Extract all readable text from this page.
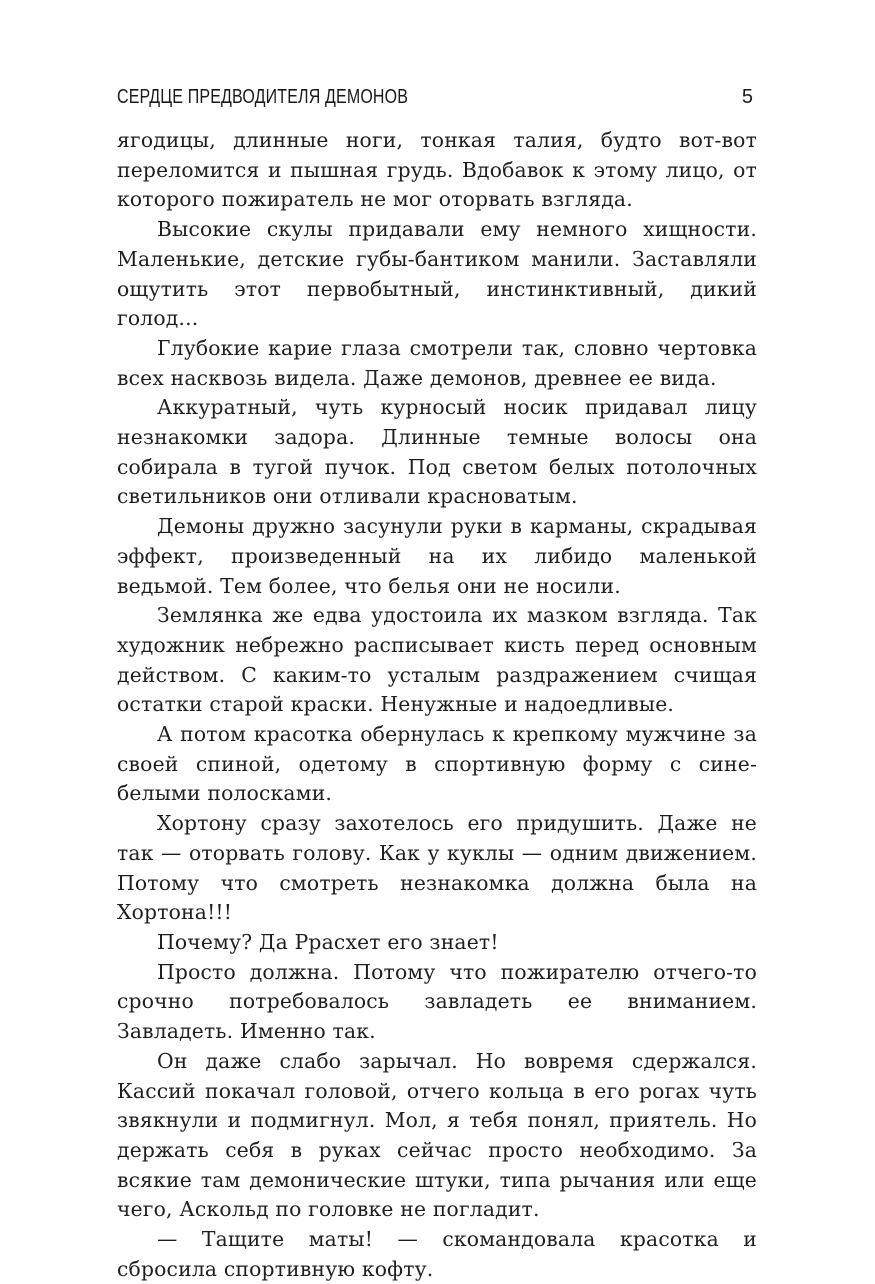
СЕРДЦЕ ПРЕДВОДИТЕЛЯ ДЕМОНОВ	5

ягодицы, длинные ноги, тонкая талия, будто вот-вот переломится и пышная грудь. Вдобавок к этому лицо, от которого пожиратель не мог оторвать взгляда.

Высокие скулы придавали ему немного хищности. Маленькие, детские губы-бантиком манили. Заставляли ощутить этот первобытный, инстинктивный, дикий голод...

Глубокие карие глаза смотрели так, словно чертовка всех насквозь видела. Даже демонов, древнее ее вида.

Аккуратный, чуть курносый носик придавал лицу незнакомки задора. Длинные темные волосы она собирала в тугой пучок. Под светом белых потолочных светильников они отливали красноватым.

Демоны дружно засунули руки в карманы, скрадывая эффект, произведенный на их либидо маленькой ведьмой. Тем более, что белья они не носили.

Землянка же едва удостоила их мазком взгляда. Так художник небрежно расписывает кисть перед основным действом. С каким-то усталым раздражением счищая остатки старой краски. Ненужные и надоедливые.

А потом красотка обернулась к крепкому мужчине за своей спиной, одетому в спортивную форму с сине-белыми полосками.

Хортону сразу захотелось его придушить. Даже не так — оторвать голову. Как у куклы — одним движением. Потому что смотреть незнакомка должна была на Хортона!!!

Почему? Да Ррасхет его знает!

Просто должна. Потому что пожирателю отчего-то срочно потребовалось завладеть ее вниманием. Завладеть. Именно так.

Он даже слабо зарычал. Но вовремя сдержался. Кассий покачал головой, отчего кольца в его рогах чуть звякнули и подмигнул. Мол, я тебя понял, приятель. Но держать себя в руках сейчас просто необходимо. За всякие там демонические штуки, типа рычания или еще чего, Аскольд по головке не погладит.

— Тащите маты! — скомандовала красотка и сбросила спортивную кофту.
